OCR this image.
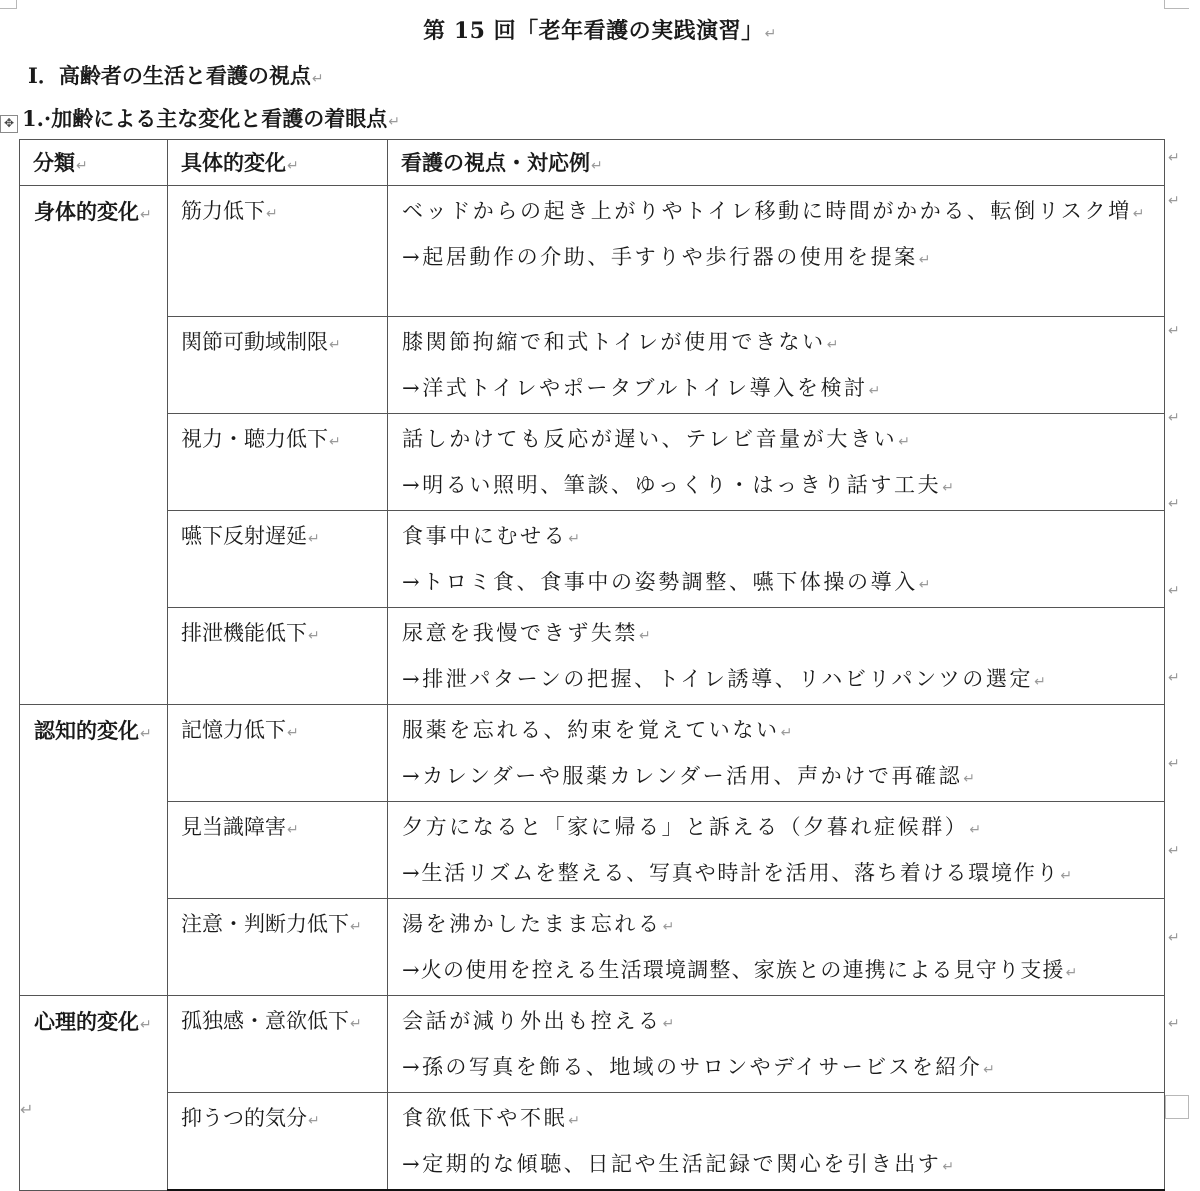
第 15 回「老年看護の実践演習」↵
Ⅰ．高齢者の生活と看護の視点↵
✥ 1.·加齢による主な変化と看護の着眼点↵
分類↵	具体的変化↵	看護の視点・対応例↵
身体的変化↵	筋力低下↵	ベッドからの起き上がりやトイレ移動に時間がかかる、転倒リスク増↵
→起居動作の介助、手すりや歩行器の使用を提案↵

	関節可動域制限↵	膝関節拘縮で和式トイレが使用できない↵
→洋式トイレやポータブルトイレ導入を検討↵

	視力・聴力低下↵	話しかけても反応が遅い、テレビ音量が大きい↵
→明るい照明、筆談、ゆっくり・はっきり話す工夫↵

	嚥下反射遅延↵	食事中にむせる↵
→トロミ食、食事中の姿勢調整、嚥下体操の導入↵

	排泄機能低下↵	尿意を我慢できず失禁↵
→排泄パターンの把握、トイレ誘導、リハビリパンツの選定↵

認知的変化↵	記憶力低下↵	服薬を忘れる、約束を覚えていない↵
→カレンダーや服薬カレンダー活用、声かけで再確認↵

	見当識障害↵	夕方になると「家に帰る」と訴える（夕暮れ症候群）↵
→生活リズムを整える、写真や時計を活用、落ち着ける環境作り↵

	注意・判断力低下↵	湯を沸かしたまま忘れる↵
→火の使用を控える生活環境調整、家族との連携による見守り支援↵

心理的変化↵	孤独感・意欲低下↵	会話が減り外出も控える↵
→孫の写真を飾る、地域のサロンやデイサービスを紹介↵

	抑うつ的気分↵	食欲低下や不眠↵
→定期的な傾聴、日記や生活記録で関心を引き出す↵
↵
↵
↵
↵
↵
↵
↵
↵
↵
↵
↵
↵
